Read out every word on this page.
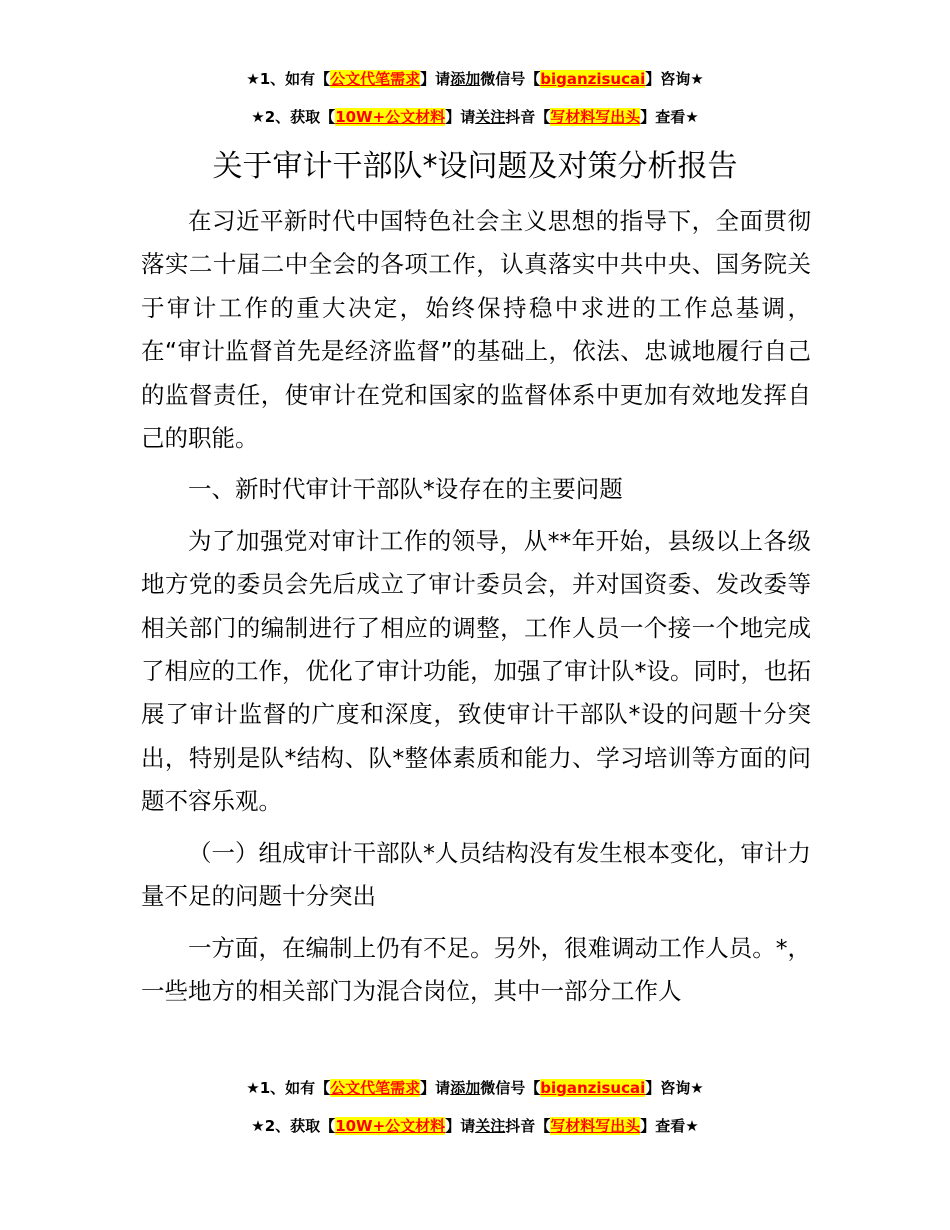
★1、如有【公文代笔需求】请添加微信号【biganzisucai】咨询★
★2、获取【10W+公文材料】请关注抖音【写材料写出头】查看★
关于审计干部队*设问题及对策分析报告

在习近平新时代中国特色社会主义思想的指导下，全面贯彻落实二十届二中全会的各项工作，认真落实中共中央、国务院关于审计工作的重大决定，始终保持稳中求进的工作总基调，在“审计监督首先是经济监督”的基础上，依法、忠诚地履行自己的监督责任，使审计在党和国家的监督体系中更加有效地发挥自己的职能。

一、新时代审计干部队*设存在的主要问题

为了加强党对审计工作的领导，从**年开始，县级以上各级地方党的委员会先后成立了审计委员会，并对国资委、发改委等相关部门的编制进行了相应的调整，工作人员一个接一个地完成了相应的工作，优化了审计功能，加强了审计队*设。同时，也拓展了审计监督的广度和深度，致使审计干部队*设的问题十分突出，特别是队*结构、队*整体素质和能力、学习培训等方面的问题不容乐观。

（一）组成审计干部队*人员结构没有发生根本变化，审计力量不足的问题十分突出

一方面，在编制上仍有不足。另外，很难调动工作人员。*，一些地方的相关部门为混合岗位，其中一部分工作人

★1、如有【公文代笔需求】请添加微信号【biganzisucai】咨询★
★2、获取【10W+公文材料】请关注抖音【写材料写出头】查看★
